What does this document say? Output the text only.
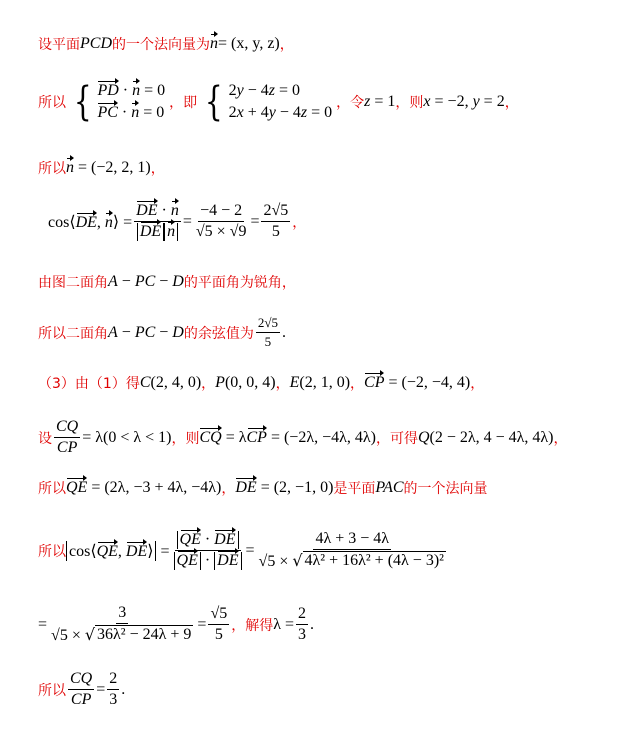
设平面 PCD 的一个法向量为 n = (x, y, z) ，
所以 { PD · n = 0
PC · n = 0
，即 { 2y − 4z = 0
2x + 4y − 4z = 0
，令 z = 1 ，则 x = −2, y = 2 ，
所以 n = (−2, 2, 1) ，
cos⟨DE, n⟩ = $\frac{DE \cdot n}{\text{DE n}} = \frac{-4 - 2}{√5 \times √9} = \frac{2√5}{5}$ ，
由图二面角 A − PC − D 的平面角为锐角，
所以二面角 A − PC − D 的余弦值为 $\frac{2√5}{5}$ .
（3）由（1）得 C(2, 4, 0) ， P(0, 0, 4) ， E(2, 1, 0) ， CP = (−2, −4, 4) ，
设 $\frac{CQ}{CP} = \lambda(0 < \lambda < 1)$ ，则 CQ = λCP = (−2λ, −4λ, 4λ) ，可得 Q(2 − 2λ, 4 − 4λ, 4λ) ，
所以 QE = (2λ, −3 + 4λ, −4λ) ， DE = (2, −1, 0) 是平面 PAC 的一个法向量
所以 cos⟨QE, DE⟩ = $\frac{QE \cdot DE}{QE \cdot DE} = \frac{4\lambda + 3 - 4\lambda}{\text{√5 × √ 4λ² + 16λ² + (4λ − 3)²}}$
= $\frac{3}{\text{√5 × √ 36λ² − 24λ + 9}} = \frac{√5}{5}$ ，解得 $\lambda = \frac{2}{3}$ .
所以 $\frac{CQ}{CP} = \frac{2}{3}$ .
